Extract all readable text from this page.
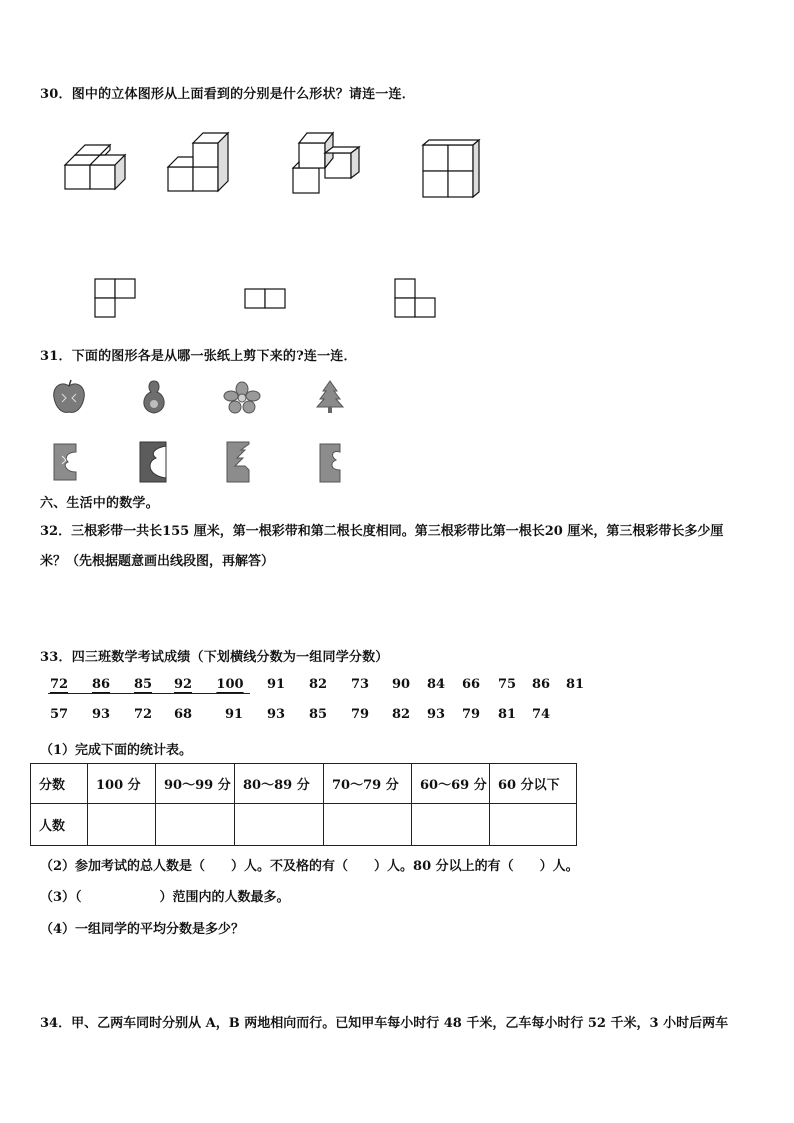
30．图中的立体图形从上面看到的分别是什么形状？请连一连．
31．下面的图形各是从哪一张纸上剪下来的?连一连．
六、生活中的数学。
32．三根彩带一共长155 厘米，第一根彩带和第二根长度相同。第三根彩带比第一根长20 厘米，第三根彩带长多少厘
米？（先根据题意画出线段图，再解答）
33．四三班数学考试成绩（下划横线分数为一组同学分数）
72	86	85	92	100	91	82	73	90	84	66	75	86	81
57	93	72	68	91	93	85	79	82	93	79	81	74
（1）完成下面的统计表。
分数	100 分	90～99 分	80～89 分	70～79 分	60～69 分	60 分以下
人数						
（2）参加考试的总人数是（　　）人。不及格的有（　　）人。80 分以上的有（　　）人。
（3）（　　　　　　）范围内的人数最多。
（4）一组同学的平均分数是多少？
34．甲、乙两车同时分别从 A，B 两地相向而行。已知甲车每小时行 48 千米，乙车每小时行 52 千米，3 小时后两车
